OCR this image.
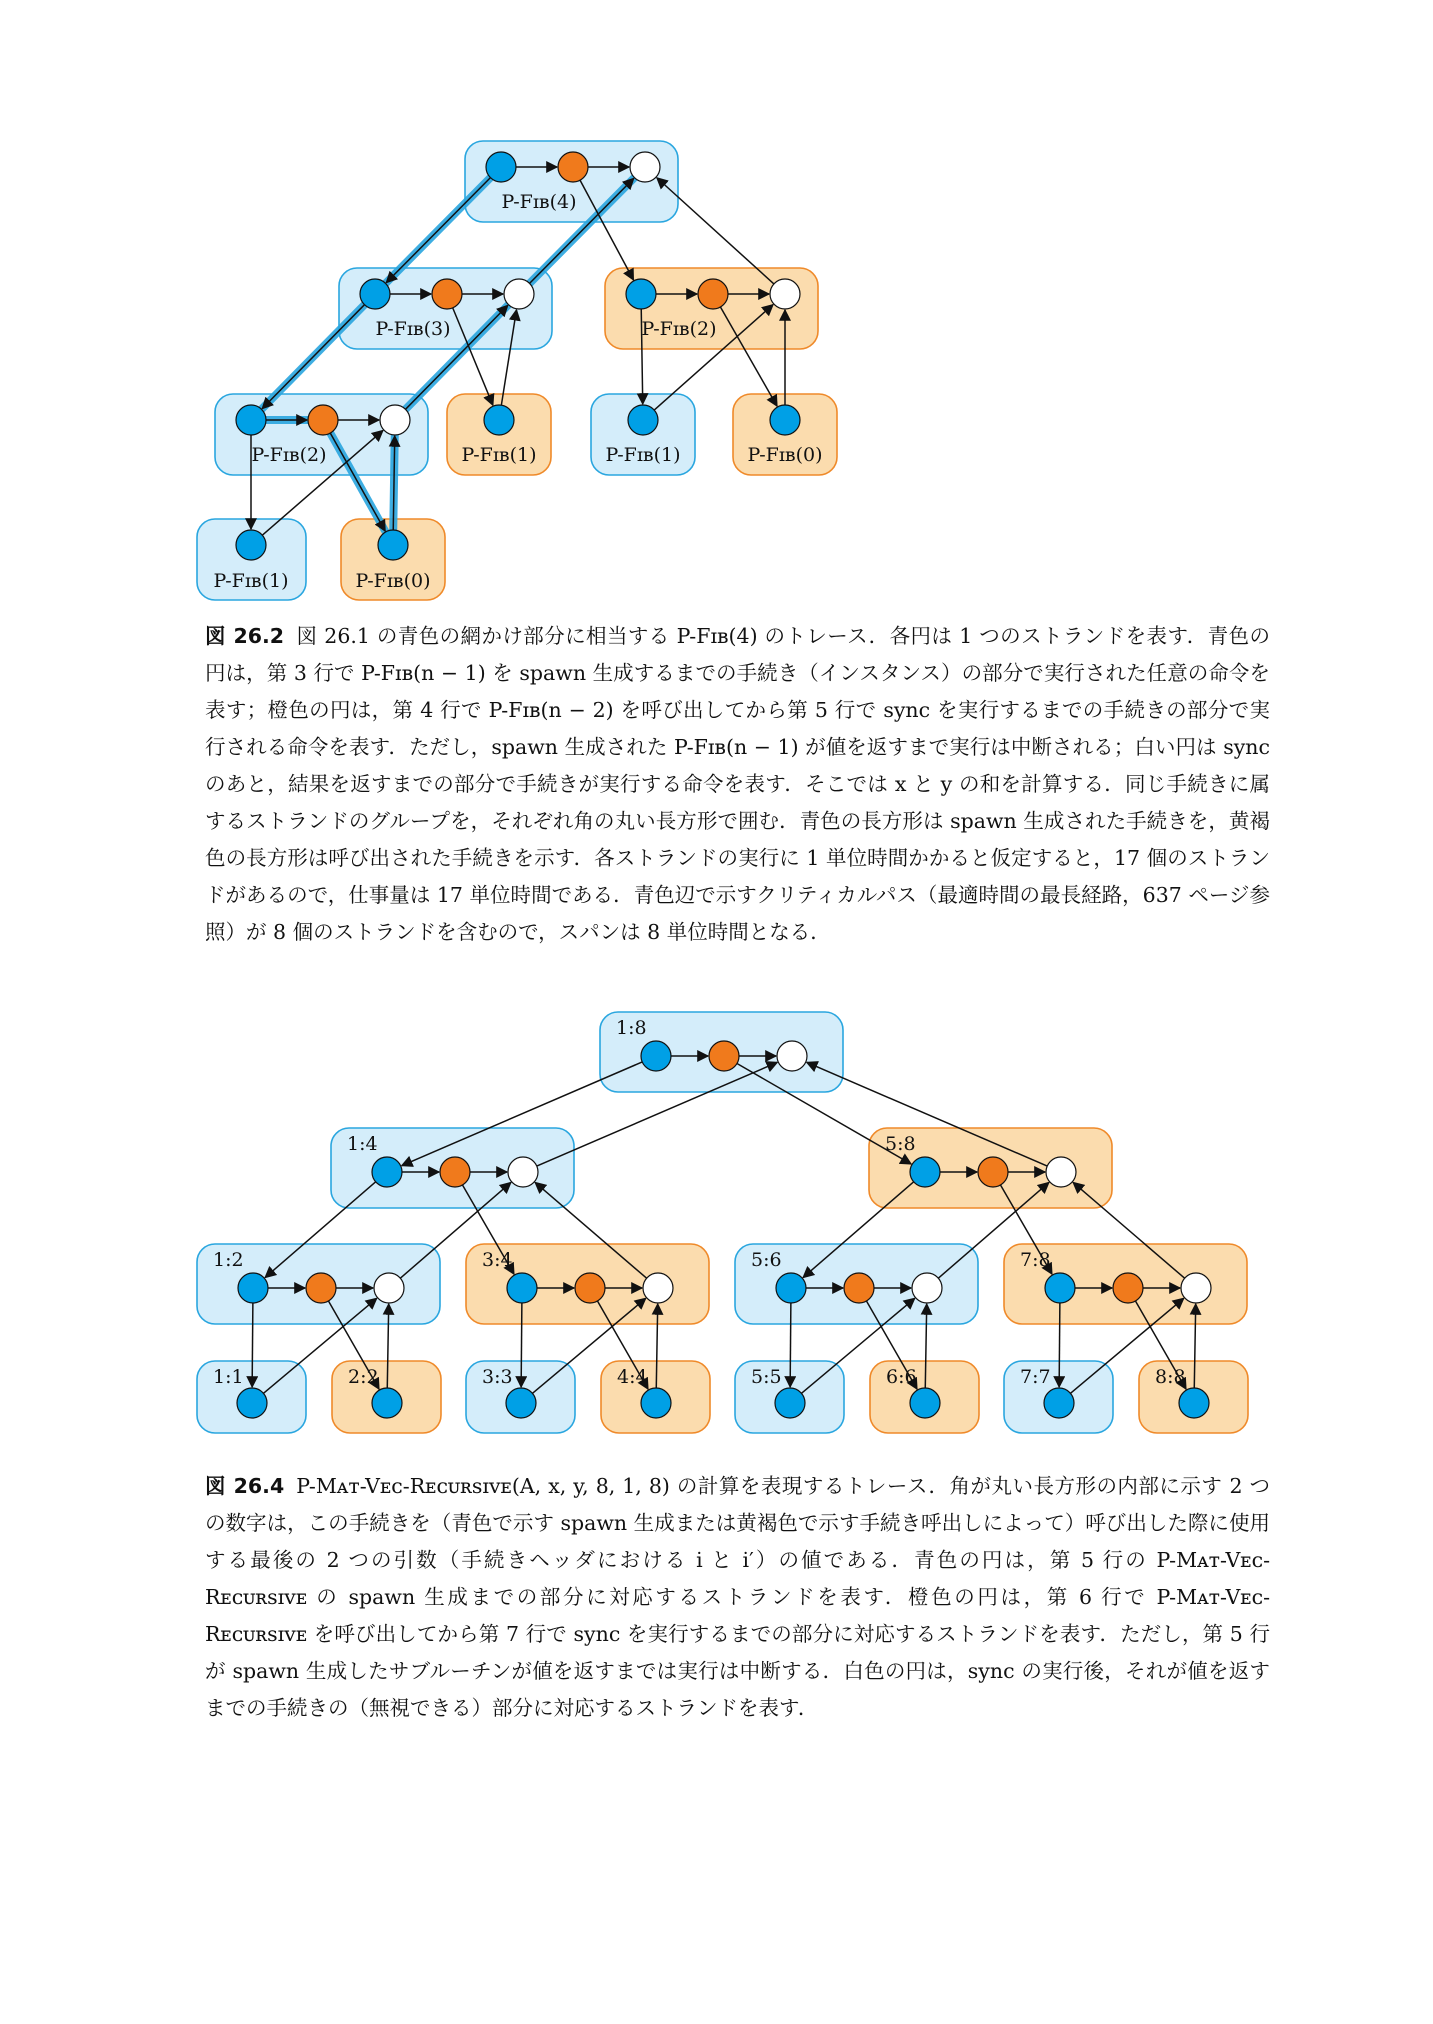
P-Fɪʙ(4)
P-Fɪʙ(3)	P-Fɪʙ(2)
P-Fɪʙ(2)	P-Fɪʙ(1)	P-Fɪʙ(1)	P-Fɪʙ(0)
P-Fɪʙ(1)	P-Fɪʙ(0)
図 26.2 図 26.1 の青色の網かけ部分に相当する P-Fɪʙ(4) のトレース．各円は 1 つのストランドを表す．青色の円は，第 3 行で P-Fɪʙ(n − 1) を spawn 生成するまでの手続き（インスタンス）の部分で実行された任意の命令を表す；橙色の円は，第 4 行で P-Fɪʙ(n − 2) を呼び出してから第 5 行で sync を実行するまでの手続きの部分で実行される命令を表す．ただし，spawn 生成された P-Fɪʙ(n − 1) が値を返すまで実行は中断される；白い円は sync のあと，結果を返すまでの部分で手続きが実行する命令を表す．そこでは x と y の和を計算する．同じ手続きに属するストランドのグループを，それぞれ角の丸い長方形で囲む．青色の長方形は spawn 生成された手続きを，黄褐色の長方形は呼び出された手続きを示す．各ストランドの実行に 1 単位時間かかると仮定すると，17 個のストランドがあるので，仕事量は 17 単位時間である．青色辺で示すクリティカルパス（最適時間の最長経路，637 ページ参照）が 8 個のストランドを含むので，スパンは 8 単位時間となる．
1:8
1:4	5:8
1:2	3:4	5:6	7:8
1:1	2:2	3:3	4:4	5:5	6:6	7:7	8:8
図 26.4 P-Mᴀᴛ-Vᴇᴄ-Rᴇᴄᴜʀsɪᴠᴇ(A, x, y, 8, 1, 8) の計算を表現するトレース．角が丸い長方形の内部に示す 2 つの数字は，この手続きを（青色で示す spawn 生成または黄褐色で示す手続き呼出しによって）呼び出した際に使用する最後の 2 つの引数（手続きヘッダにおける i と i′）の値である．青色の円は，第 5 行の P-Mᴀᴛ-Vᴇᴄ-Rᴇᴄᴜʀsɪᴠᴇ の spawn 生成までの部分に対応するストランドを表す．橙色の円は，第 6 行で P-Mᴀᴛ-Vᴇᴄ-Rᴇᴄᴜʀsɪᴠᴇ を呼び出してから第 7 行で sync を実行するまでの部分に対応するストランドを表す．ただし，第 5 行が spawn 生成したサブルーチンが値を返すまでは実行は中断する．白色の円は，sync の実行後，それが値を返すまでの手続きの（無視できる）部分に対応するストランドを表す．
